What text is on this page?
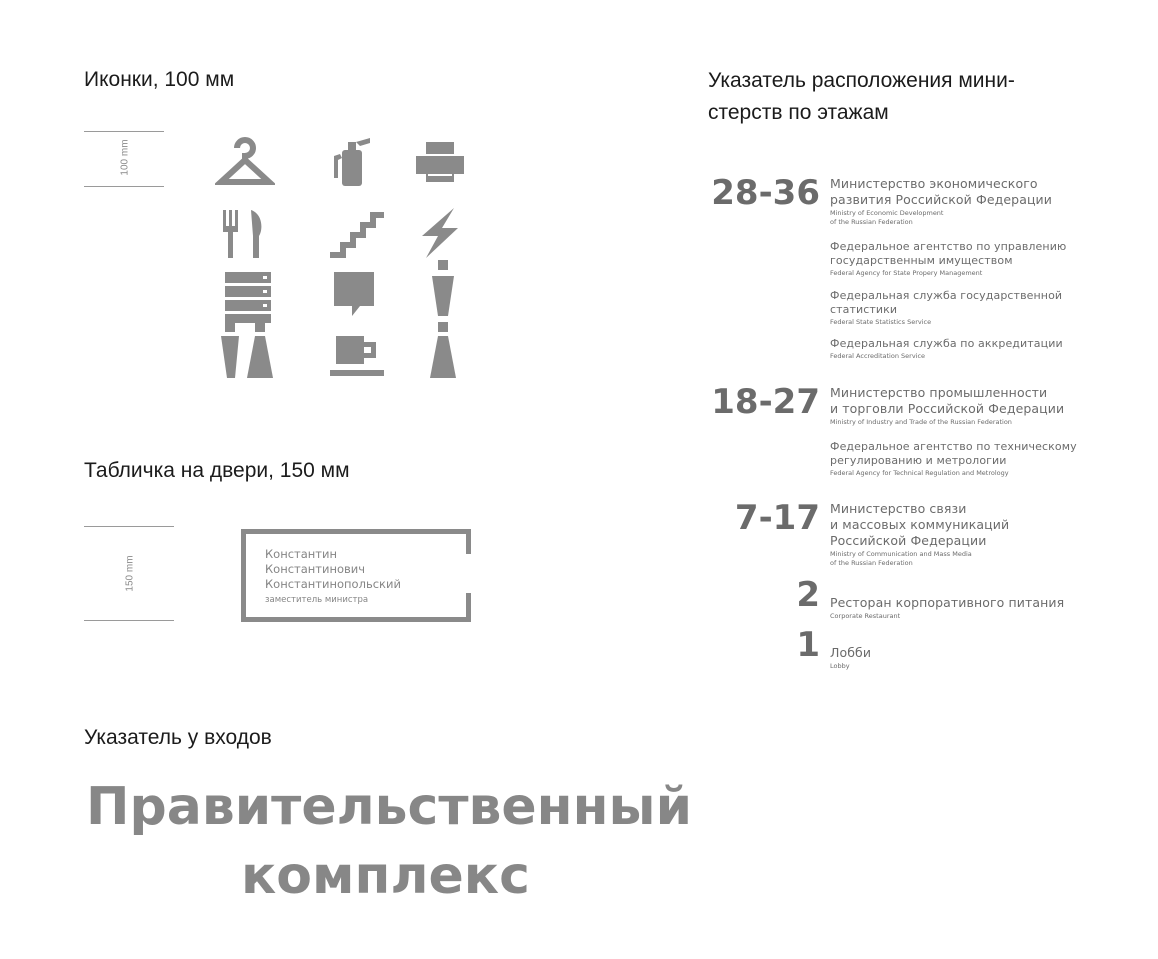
Иконки, 100 мм
100 mm
Табличка на двери, 150 мм
150 mm
Константин
Константинович
Константинопольский
заместитель министра
Указатель у входов
Правительственный
комплекс
Указатель расположения мини-
стерств по этажам
28-36 Министерство экономического
развития Российской Федерации
Ministry of Economic Development
of the Russian Federation
Федеральное агентство по управлению
государственным имуществом
Federal Agency for State Propery Management
Федеральная служба государственной
статистики
Federal State Statistics Service
Федеральная служба по аккредитации
Federal Accreditation Service
18-27 Министерство промышленности
и торговли Российской Федерации
Ministry of Industry and Trade of the Russian Federation
Федеральное агентство по техническому
регулированию и метрологии
Federal Agency for Technical Regulation and Metrology
7-17 Министерство связи
и массовых коммуникаций
Российской Федерации
Ministry of Communication and Mass Media
of the Russian Federation
2 Ресторан корпоративного питания
Corporate Restaurant
1 Лобби
Lobby
